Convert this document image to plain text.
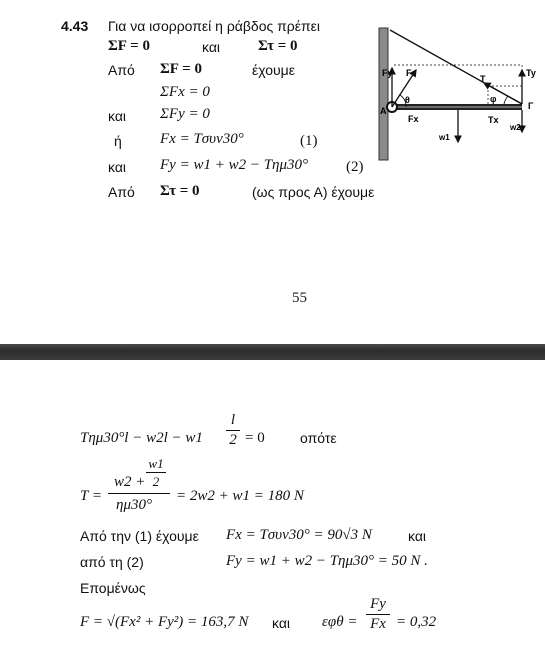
4.43 Για να ισορροπεί η ράβδος πρέπει
ΣF = 0	και	Στ = 0
Από ΣF = 0	έχουμε
ΣFx = 0
και ΣFy = 0
ή	Fx = Tσυν30°	(1)
και Fy = w1 + w2 − Tημ30°	(2)
Από Στ = 0	(ως προς Α) έχουμε
Fy F
θ
A
Fx
T
φ
Ty
Γ
Tx
w2
w1
55
Tημ30°l − w2l − w1
l
2 = 0	οπότε
T =
w2 +
w1
2
ημ30°
= 2w2 + w1 = 180 N
Από την (1) έχουμε Fx = Tσυν30° = 90√3 N	και
από τη (2)	Fy = w1 + w2 − Tημ30° = 50 N .
Επομένως
F = √(Fx² + Fy²) = 163,7 N και εφθ =
Fy
Fx = 0,32
